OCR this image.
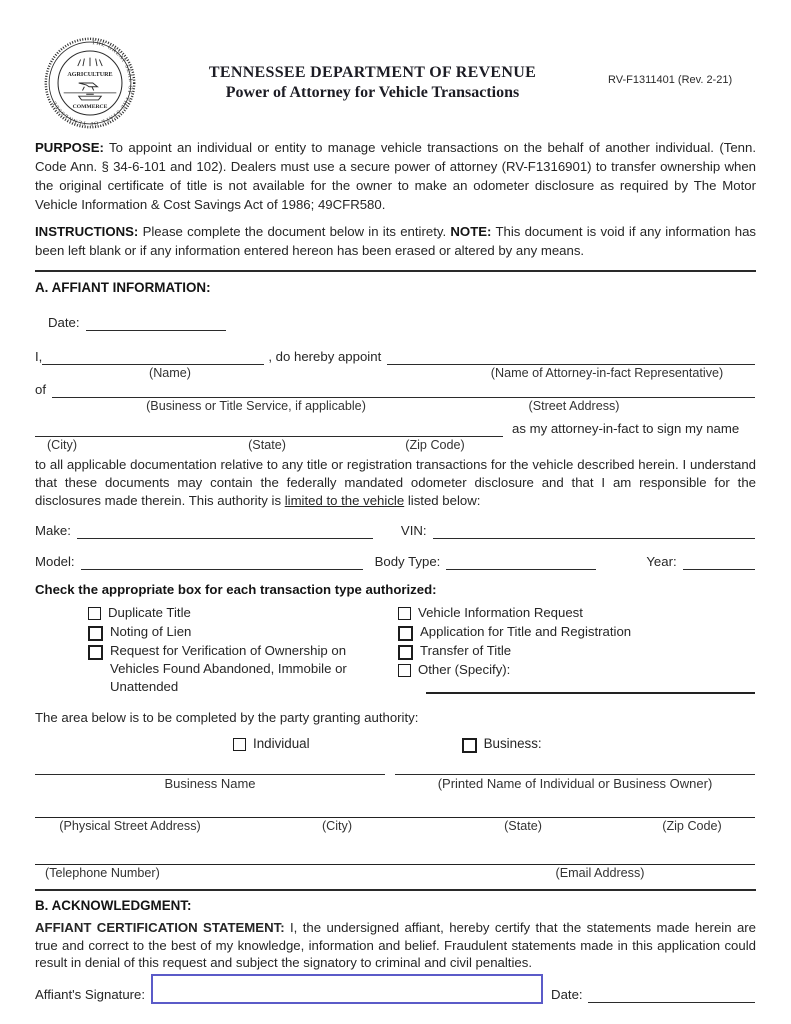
THE GREAT SEAL OF THE STATE OF TENNESSEE
AGRICULTURE
COMMERCE
TENNESSEE DEPARTMENT OF REVENUE
Power of Attorney for Vehicle Transactions
RV-F1311401 (Rev. 2-21)

PURPOSE: To appoint an individual or entity to manage vehicle transactions on the behalf of another individual. (Tenn. Code Ann. § 34-6-101 and 102). Dealers must use a secure power of attorney (RV-F1316901) to transfer ownership when the original certificate of title is not available for the owner to make an odometer disclosure as required by The Motor Vehicle Information & Cost Savings Act of 1986; 49CFR580.

INSTRUCTIONS: Please complete the document below in its entirety. NOTE: This document is void if any information has been left blank or if any information entered hereon has been erased or altered by any means.

A. AFFIANT INFORMATION:
Date:
I,	, do hereby appoint
(Name)	(Name of Attorney-in-fact Representative)
of
(Business or Title Service, if applicable)	(Street Address)
as my attorney-in-fact to sign my name
(City)	(State)	(Zip Code)

to all applicable documentation relative to any title or registration transactions for the vehicle described herein. I understand that these documents may contain the federally mandated odometer disclosure and that I am responsible for the disclosures made therein. This authority is limited to the vehicle listed below:

Make:	VIN:
Model:	Body Type:	Year:
Check the appropriate box for each transaction type authorized:
Duplicate Title
Noting of Lien
Request for Verification of Ownership on Vehicles Found Abandoned, Immobile or Unattended
Vehicle Information Request
Application for Title and Registration
Transfer of Title
Other (Specify):
The area below is to be completed by the party granting authority:
Individual	Business:
Business Name	(Printed Name of Individual or Business Owner)
(Physical Street Address)	(City)	(State)	(Zip Code)
(Telephone Number)	(Email Address)
B. ACKNOWLEDGMENT:

AFFIANT CERTIFICATION STATEMENT: I, the undersigned affiant, hereby certify that the statements made herein are true and correct to the best of my knowledge, information and belief. Fraudulent statements made in this application could result in denial of this request and subject the signatory to criminal and civil penalties.

Affiant's Signature:	Date:
